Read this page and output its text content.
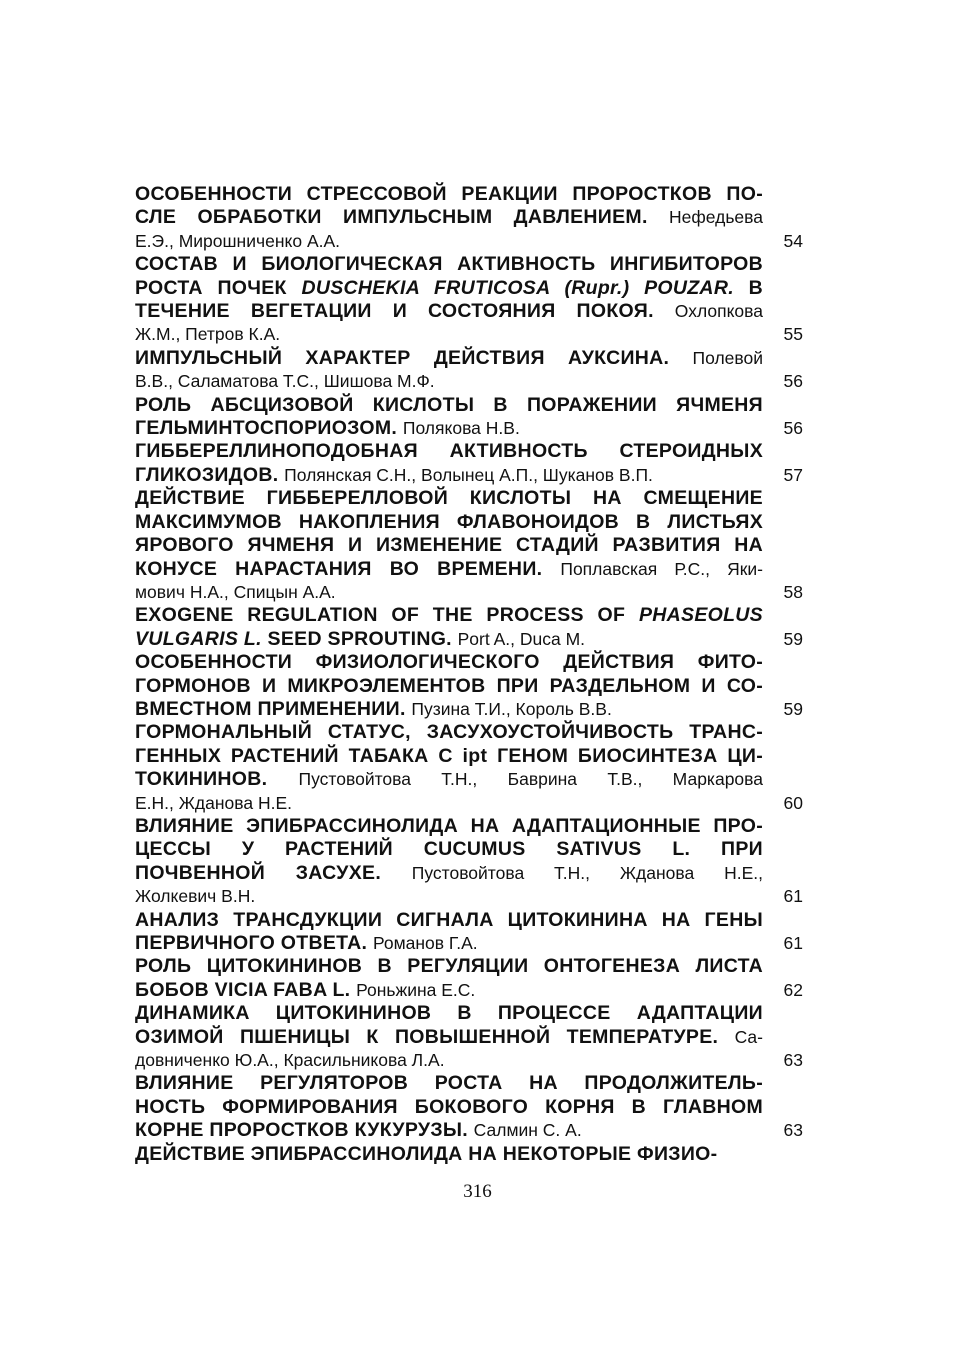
ОСОБЕННОСТИ СТРЕССОВОЙ РЕАКЦИИ ПРОРОСТКОВ ПО-
СЛЕ ОБРАБОТКИ ИМПУЛЬСНЫМ ДАВЛЕНИЕМ. Нефедьева
Е.Э., Мирошниченко А.А.	54
СОСТАВ И БИОЛОГИЧЕСКАЯ АКТИВНОСТЬ ИНГИБИТОРОВ
РОСТА ПОЧЕК DUSCHEKIA FRUTICOSA (Rupr.) POUZAR. В
ТЕЧЕНИЕ ВЕГЕТАЦИИ И СОСТОЯНИЯ ПОКОЯ. Охлопкова
Ж.М., Петров К.А.	55
ИМПУЛЬСНЫЙ ХАРАКТЕР ДЕЙСТВИЯ АУКСИНА. Полевой
В.В., Саламатова Т.С., Шишова М.Ф.	56
РОЛЬ АБСЦИЗОВОЙ КИСЛОТЫ В ПОРАЖЕНИИ ЯЧМЕНЯ
ГЕЛЬМИНТОСПОРИОЗОМ. Полякова Н.В.	56
ГИББЕРЕЛЛИНОПОДОБНАЯ АКТИВНОСТЬ СТЕРОИДНЫХ
ГЛИКОЗИДОВ. Полянская С.Н., Волынец А.П., Шуканов В.П.	57
ДЕЙСТВИЕ ГИББЕРЕЛЛОВОЙ КИСЛОТЫ НА СМЕЩЕНИЕ
МАКСИМУМОВ НАКОПЛЕНИЯ ФЛАВОНОИДОВ В ЛИСТЬЯХ
ЯРОВОГО ЯЧМЕНЯ И ИЗМЕНЕНИЕ СТАДИЙ РАЗВИТИЯ НА
КОНУСЕ НАРАСТАНИЯ ВО ВРЕМЕНИ. Поплавская Р.С., Яки-
мович Н.А., Спицын А.А.	58
EXOGENE REGULATION OF THE PROCESS OF PHASEOLUS
VULGARIS L. SEED SPROUTING. Port A., Duca M.	59
ОСОБЕННОСТИ ФИЗИОЛОГИЧЕСКОГО ДЕЙСТВИЯ ФИТО-
ГОРМОНОВ И МИКРОЭЛЕМЕНТОВ ПРИ РАЗДЕЛЬНОМ И СО-
ВМЕСТНОМ ПРИМЕНЕНИИ. Пузина Т.И., Король В.В.	59
ГОРМОНАЛЬНЫЙ СТАТУС, ЗАСУХОУСТОЙЧИВОСТЬ ТРАНС-
ГЕННЫХ РАСТЕНИЙ ТАБАКА С ipt ГЕНОМ БИОСИНТЕЗА ЦИ-
ТОКИНИНОВ. Пустовойтова Т.Н., Баврина Т.В., Маркарова
Е.Н., Жданова Н.Е.	60
ВЛИЯНИЕ ЭПИБРАССИНОЛИДА НА АДАПТАЦИОННЫЕ ПРО-
ЦЕССЫ У РАСТЕНИЙ CUCUMUS SATIVUS L. ПРИ
ПОЧВЕННОЙ ЗАСУХЕ. Пустовойтова Т.Н., Жданова Н.Е.,
Жолкевич В.Н.	61
АНАЛИЗ ТРАНСДУКЦИИ СИГНАЛА ЦИТОКИНИНА НА ГЕНЫ
ПЕРВИЧНОГО ОТВЕТА. Романов Г.А.	61
РОЛЬ ЦИТОКИНИНОВ В РЕГУЛЯЦИИ ОНТОГЕНЕЗА ЛИСТА
БОБОВ VICIA FABA L. Роньжина Е.С.	62
ДИНАМИКА ЦИТОКИНИНОВ В ПРОЦЕССЕ АДАПТАЦИИ
ОЗИМОЙ ПШЕНИЦЫ К ПОВЫШЕННОЙ ТЕМПЕРАТУРЕ. Са-
довниченко Ю.А., Красильникова Л.А.	63
ВЛИЯНИЕ РЕГУЛЯТОРОВ РОСТА НА ПРОДОЛЖИТЕЛЬ-
НОСТЬ ФОРМИРОВАНИЯ БОКОВОГО КОРНЯ В ГЛАВНОМ
КОРНЕ ПРОРОСТКОВ КУКУРУЗЫ. Салмин С. А.	63
ДЕЙСТВИЕ ЭПИБРАССИНОЛИДА НА НЕКОТОРЫЕ ФИЗИО-
316
